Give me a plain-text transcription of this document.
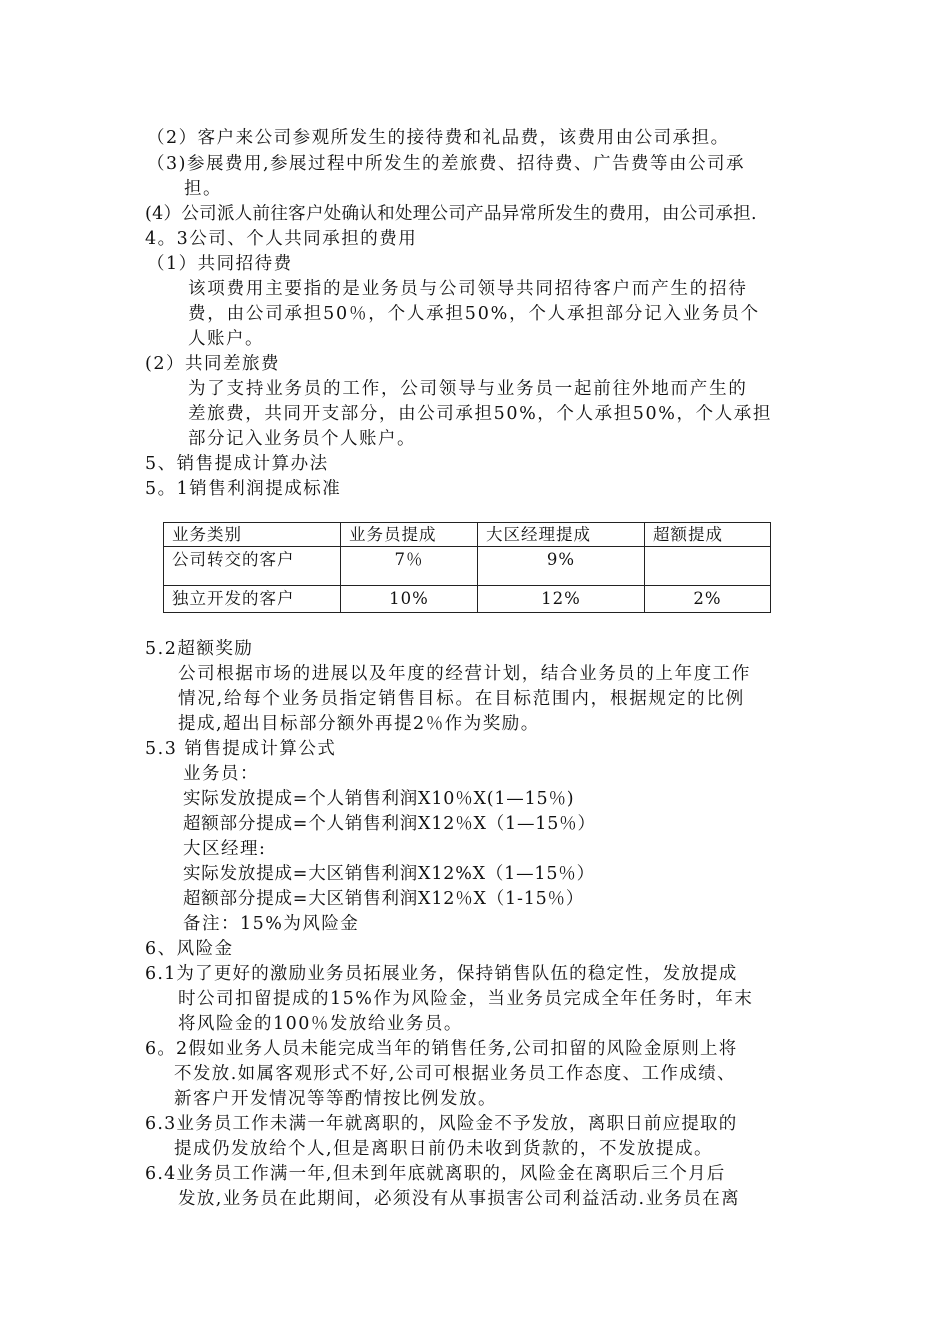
（2）客户来公司参观所发生的接待费和礼品费，该费用由公司承担。
（3)参展费用,参展过程中所发生的差旅费、招待费、广告费等由公司承
担。
(4）公司派人前往客户处确认和处理公司产品异常所发生的费用，由公司承担.
4。3公司、个人共同承担的费用
（1）共同招待费
该项费用主要指的是业务员与公司领导共同招待客户而产生的招待
费，由公司承担50％，个人承担50%，个人承担部分记入业务员个
人账户。
(2）共同差旅费
为了支持业务员的工作，公司领导与业务员一起前往外地而产生的
差旅费，共同开支部分，由公司承担50%，个人承担50%，个人承担
部分记入业务员个人账户。
5、销售提成计算办法
5。1销售利润提成标准
业务类别	业务员提成	大区经理提成	超额提成
公司转交的客户	7％	9%	
独立开发的客户	10%	12%	2%
5.2超额奖励
公司根据市场的进展以及年度的经营计划，结合业务员的上年度工作
情况,给每个业务员指定销售目标。在目标范围内，根据规定的比例
提成,超出目标部分额外再提2％作为奖励。
5.3 销售提成计算公式
业务员：
实际发放提成=个人销售利润X10％X(1—15％)
超额部分提成=个人销售利润X12％X（1—15％）
大区经理:
实际发放提成=大区销售利润X12%X（1—15％）
超额部分提成=大区销售利润X12％X（1-15％）
备注：15%为风险金
6、风险金
6.1为了更好的激励业务员拓展业务，保持销售队伍的稳定性，发放提成
时公司扣留提成的15%作为风险金，当业务员完成全年任务时，年末
将风险金的100％发放给业务员。
6。2假如业务人员未能完成当年的销售任务,公司扣留的风险金原则上将
不发放.如属客观形式不好,公司可根据业务员工作态度、工作成绩、
新客户开发情况等等酌情按比例发放。
6.3业务员工作未满一年就离职的，风险金不予发放，离职日前应提取的
提成仍发放给个人,但是离职日前仍未收到货款的，不发放提成。
6.4业务员工作满一年,但未到年底就离职的，风险金在离职后三个月后
发放,业务员在此期间，必须没有从事损害公司利益活动.业务员在离
